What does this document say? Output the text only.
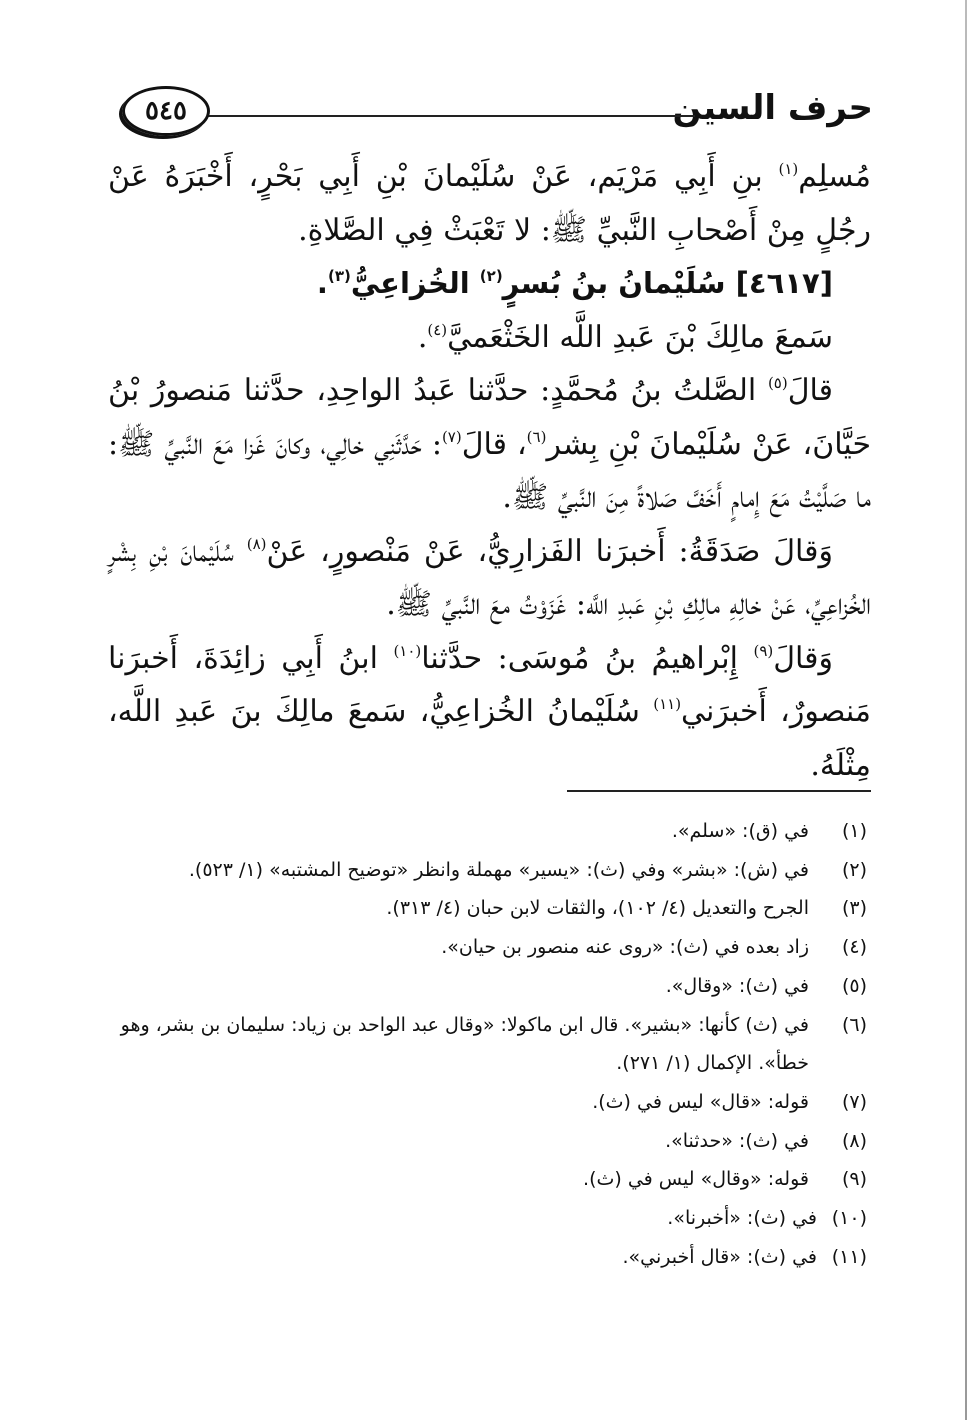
حرف السين
٥٤٥

مُسلِم$^{(١)}$ بنِ أَبِي مَرْيَم، عَنْ سُلَيْمانَ بْنِ أَبِي بَحْرٍ، أَخْبَرَهُ عَنْ رجُلٍ مِنْ أَصْحابِ النَّبيِّ ﷺ: لا تَعْبَثْ فِي الصَّلاةِ.

[٤٦١٧] سُلَيْمانُ بنُ بُسرٍ$^{(٢)}$ الخُزاعِيُّ$^{(٣)}$.

سَمعَ مالِكَ بْنَ عَبدِ اللَّه الخَثْعَميَّ$^{(٤)}$.

قالَ$^{(٥)}$ الصَّلتُ بنُ مُحمَّدٍ: حدَّثنا عَبدُ الواحِدِ، حدَّثنا مَنصورُ بْنُ حَيَّانَ، عَنْ سُلَيْمانَ بْنِ بِشر$^{(٦)}$، قالَ$^{(٧)}$: حَدَّثَنِي خالِي، وكانَ غَزا مَعَ النَّبيِّ ﷺ: ما صَلَّيْتُ مَعَ إِمامٍ أَخَفَّ صَلاةً مِنَ النَّبيِّ ﷺ.

وَقالَ صَدَقَةُ: أَخبرَنا الفَزارِيُّ، عَنْ مَنْصورٍ، عَنْ$^{(٨)}$ سُلَيْمانَ بْنِ بِشْرٍ الخُزاعِيِّ، عَنْ خالِهِ مالِكِ بْنِ عَبدِ اللَّه: غَزَوْتُ معَ النَّبيِّ ﷺ.

وَقالَ$^{(٩)}$ إِبْراهيمُ بنُ مُوسَى: حدَّثنا$^{(١٠)}$ ابنُ أَبِي زائِدَةَ، أَخبرَنا مَنصورٌ، أَخبرَني$^{(١١)}$ سُلَيْمانُ الخُزاعِيُّ، سَمعَ مالِكَ بنَ عَبدِ اللَّه، مِثْلَهُ.

(١)
في (ق): «سلم».
(٢)
في (ش): «بشر» وفي (ث): «يسير» مهملة وانظر «توضيح المشتبه» (١/ ٥٢٣).
(٣)
الجرح والتعديل (٤/ ١٠٢)، والثقات لابن حبان (٤/ ٣١٣).
(٤)
زاد بعده في (ث): «روى عنه منصور بن حيان».
(٥)
في (ث): «وقال».
(٦)
في (ث) كأنها: «بشير». قال ابن ماكولا: «وقال عبد الواحد بن زياد: سليمان بن بشر، وهو خطأ». الإكمال (١/ ٢٧١).
(٧)
قوله: «قال» ليس في (ث).
(٨)
في (ث): «حدثنا».
(٩)
قوله: «وقال» ليس في (ث).
(١٠)
في (ث): «أخبرنا».
(١١)
في (ث): «قال أخبرني».
